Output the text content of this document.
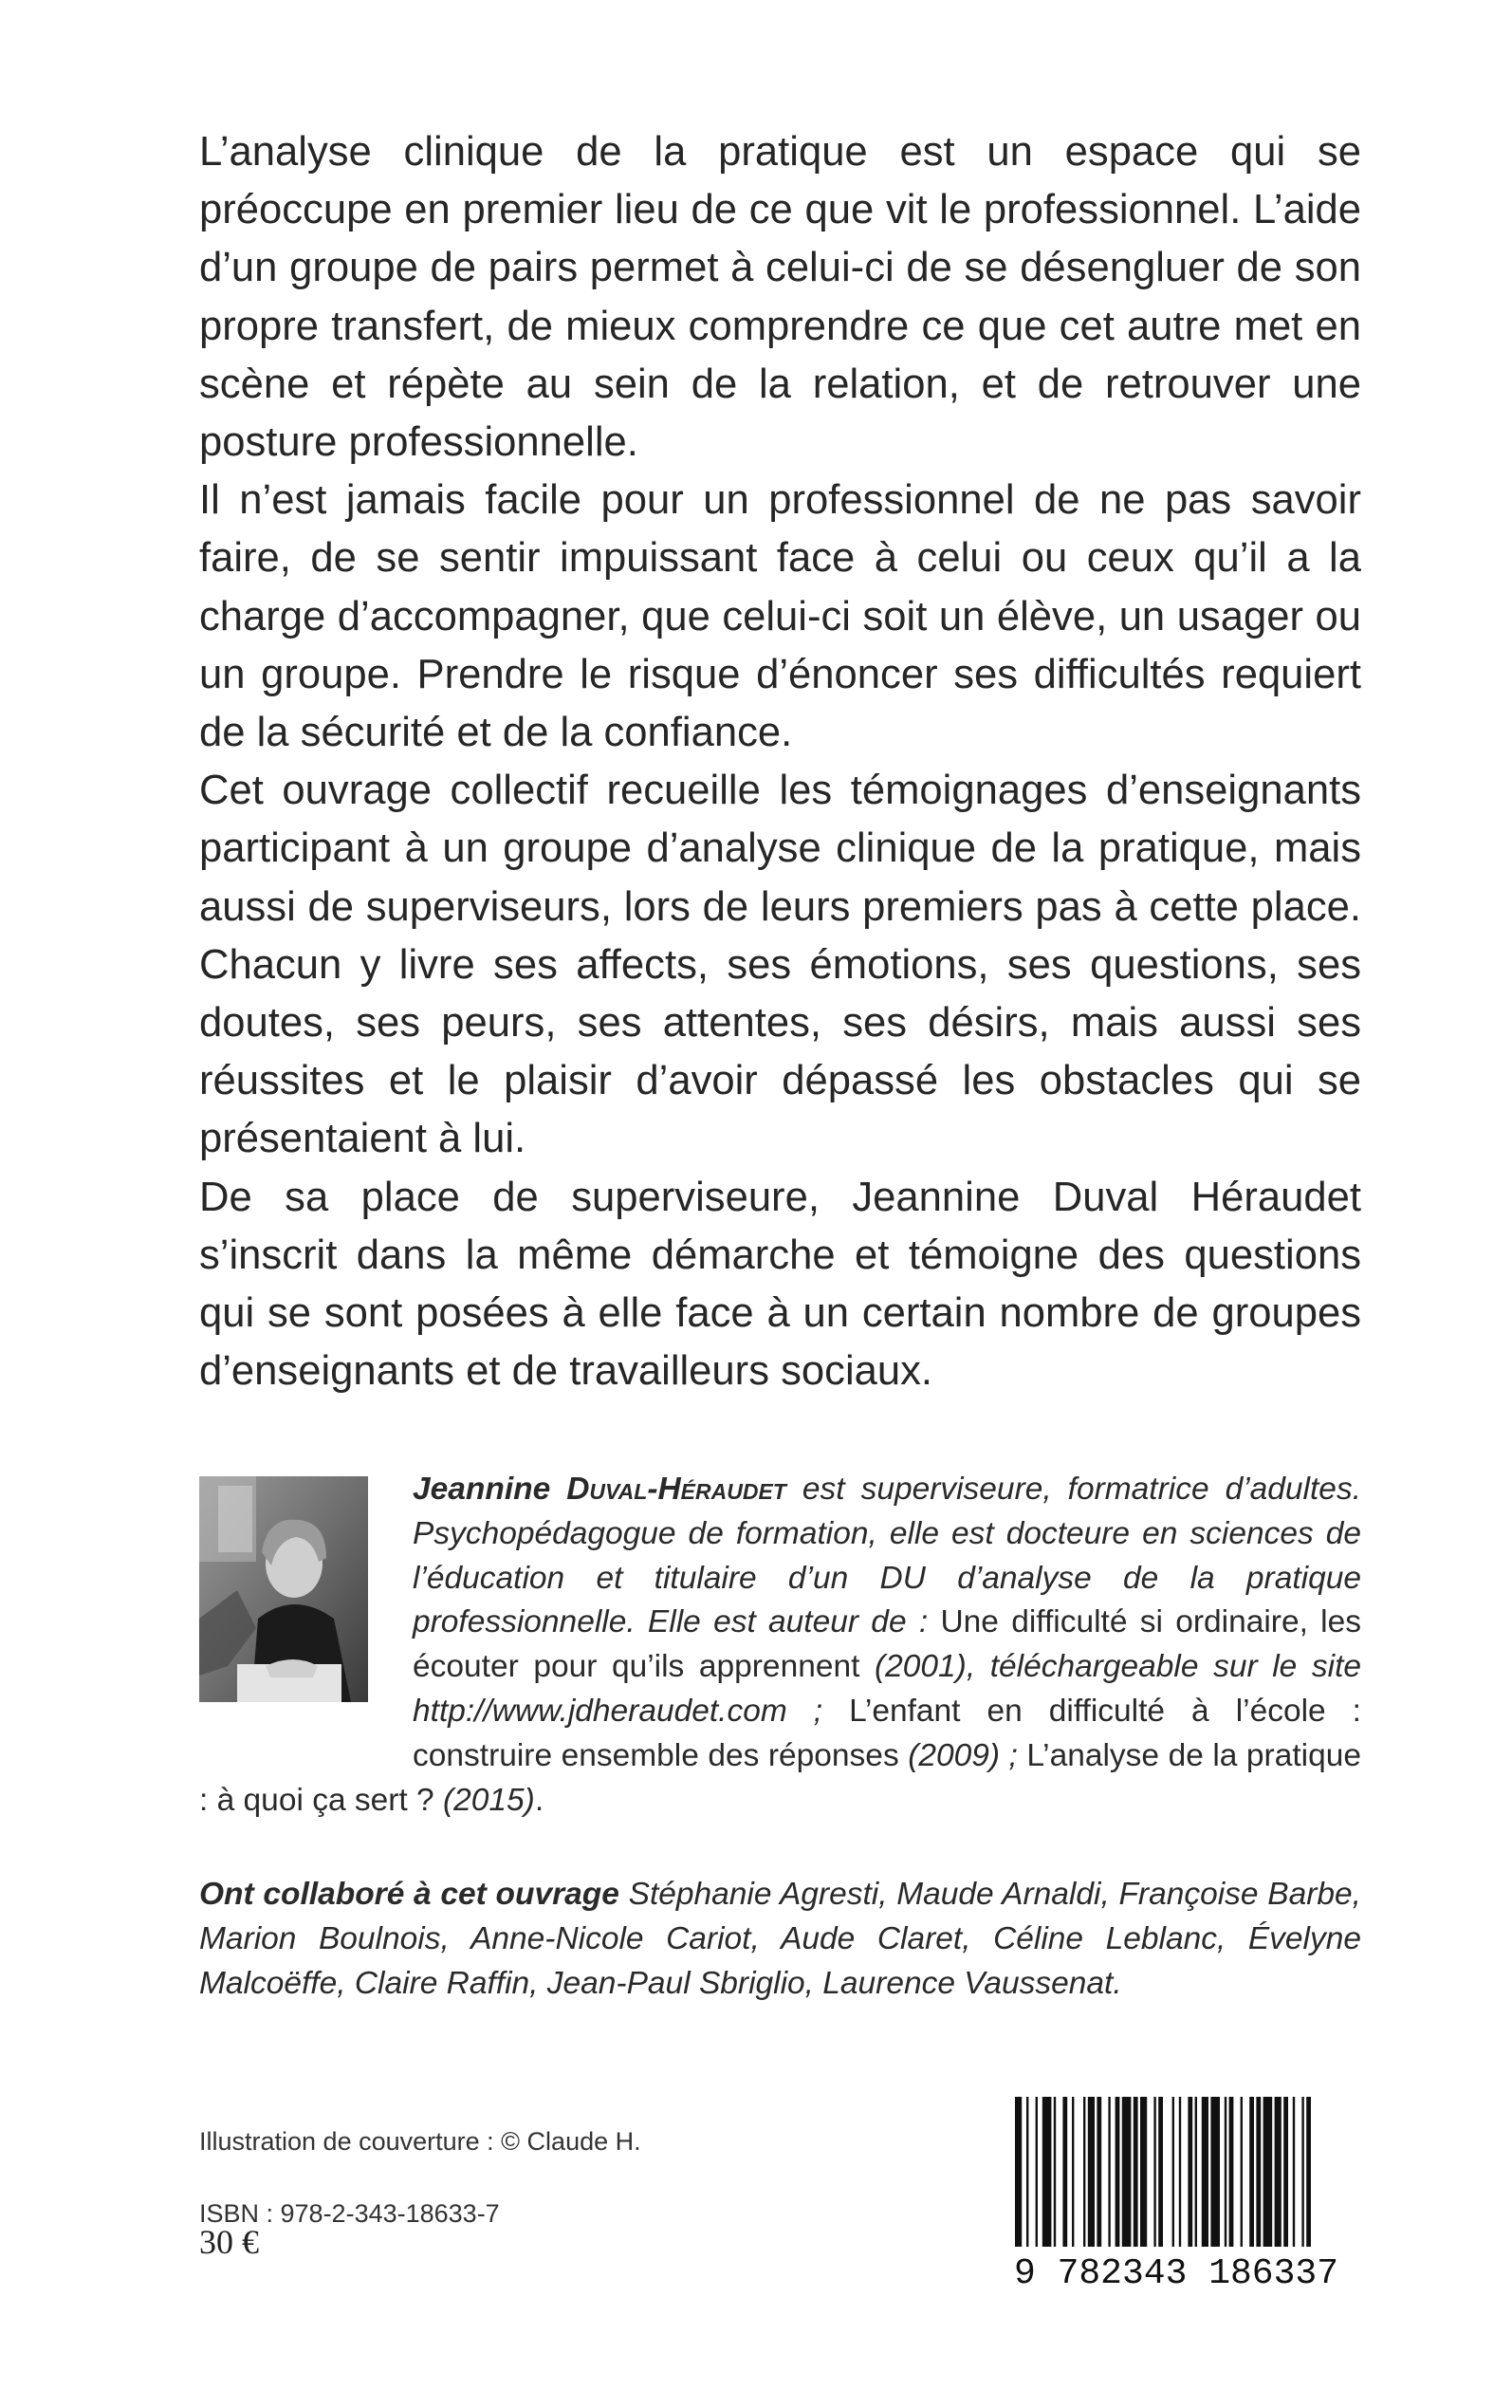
L’analyse clinique de la pratique est un espace qui se préoccupe en premier lieu de ce que vit le professionnel. L’aide d’un groupe de pairs permet à celui-ci de se désengluer de son propre transfert, de mieux comprendre ce que cet autre met en scène et répète au sein de la relation, et de retrouver une posture professionnelle.

Il n’est jamais facile pour un professionnel de ne pas savoir faire, de se sentir impuissant face à celui ou ceux qu’il a la charge d’accompagner, que celui-ci soit un élève, un usager ou un groupe. Prendre le risque d’énoncer ses difficultés requiert de la sécurité et de la confiance.

Cet ouvrage collectif recueille les témoignages d’enseignants participant à un groupe d’analyse clinique de la pratique, mais aussi de superviseurs, lors de leurs premiers pas à cette place. Chacun y livre ses affects, ses émotions, ses questions, ses doutes, ses peurs, ses attentes, ses désirs, mais aussi ses réussites et le plaisir d’avoir dépassé les obstacles qui se présentaient à lui.

De sa place de superviseure, Jeannine Duval Héraudet s’inscrit dans la même démarche et témoigne des questions qui se sont posées à elle face à un certain nombre de groupes d’enseignants et de travailleurs sociaux.

Jeannine Duval-Héraudet est superviseure, formatrice d’adultes. Psychopédagogue de formation, elle est docteure en sciences de l’éducation et titulaire d’un DU d’analyse de la pratique professionnelle. Elle est auteur de : Une difficulté si ordinaire, les écouter pour qu’ils apprennent (2001), téléchargeable sur le site http://www.jdheraudet.com ; L’enfant en difficulté à l’école : construire ensemble des réponses (2009) ; L’analyse de la pratique : à quoi ça sert ? (2015).
Ont collaboré à cet ouvrage Stéphanie Agresti, Maude Arnaldi, Françoise Barbe, Marion Boulnois, Anne-Nicole Cariot, Aude Claret, Céline Leblanc, Évelyne Malcoëffe, Claire Raffin, Jean-Paul Sbriglio, Laurence Vaussenat.
Illustration de couverture : © Claude H.
ISBN : 978-2-343-18633-7
30 €
9 782343 186337
